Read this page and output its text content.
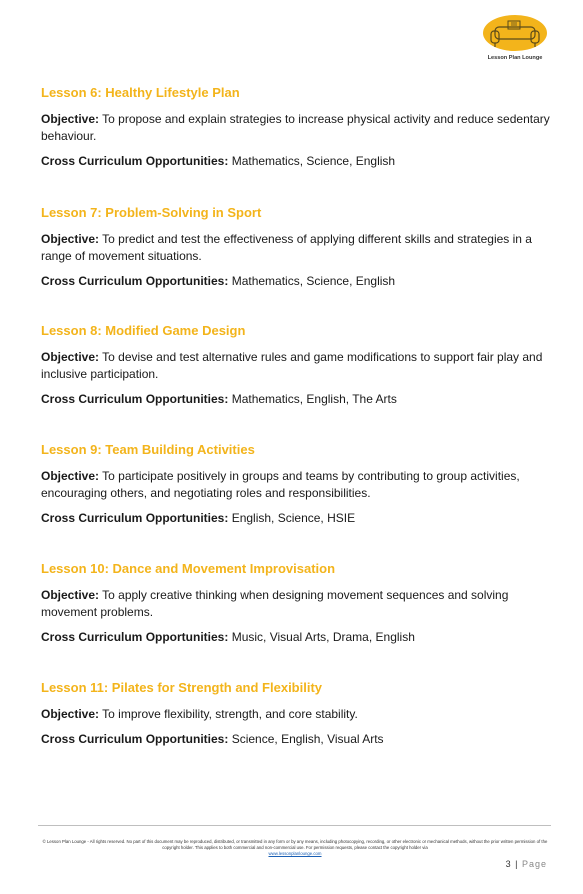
Lesson Plan Lounge
Lesson 6: Healthy Lifestyle Plan

Objective: To propose and explain strategies to increase physical activity and reduce sedentary behaviour.

Cross Curriculum Opportunities: Mathematics, Science, English

Lesson 7: Problem-Solving in Sport

Objective: To predict and test the effectiveness of applying different skills and strategies in a range of movement situations.

Cross Curriculum Opportunities: Mathematics, Science, English

Lesson 8: Modified Game Design

Objective: To devise and test alternative rules and game modifications to support fair play and inclusive participation.

Cross Curriculum Opportunities: Mathematics, English, The Arts

Lesson 9: Team Building Activities

Objective: To participate positively in groups and teams by contributing to group activities, encouraging others, and negotiating roles and responsibilities.

Cross Curriculum Opportunities: English, Science, HSIE

Lesson 10: Dance and Movement Improvisation

Objective: To apply creative thinking when designing movement sequences and solving movement problems.

Cross Curriculum Opportunities: Music, Visual Arts, Drama, English

Lesson 11: Pilates for Strength and Flexibility

Objective: To improve flexibility, strength, and core stability.

Cross Curriculum Opportunities: Science, English, Visual Arts

© Lesson Plan Lounge - All rights reserved. No part of this document may be reproduced, distributed, or transmitted in any form or by any means, including photocopying, recording, or other electronic or mechanical methods, without the prior written permission of the copyright holder. This applies to both commercial and non-commercial use. For permission requests, please contact the copyright holder via
www.lessonplanlounge.com
3 | Page
